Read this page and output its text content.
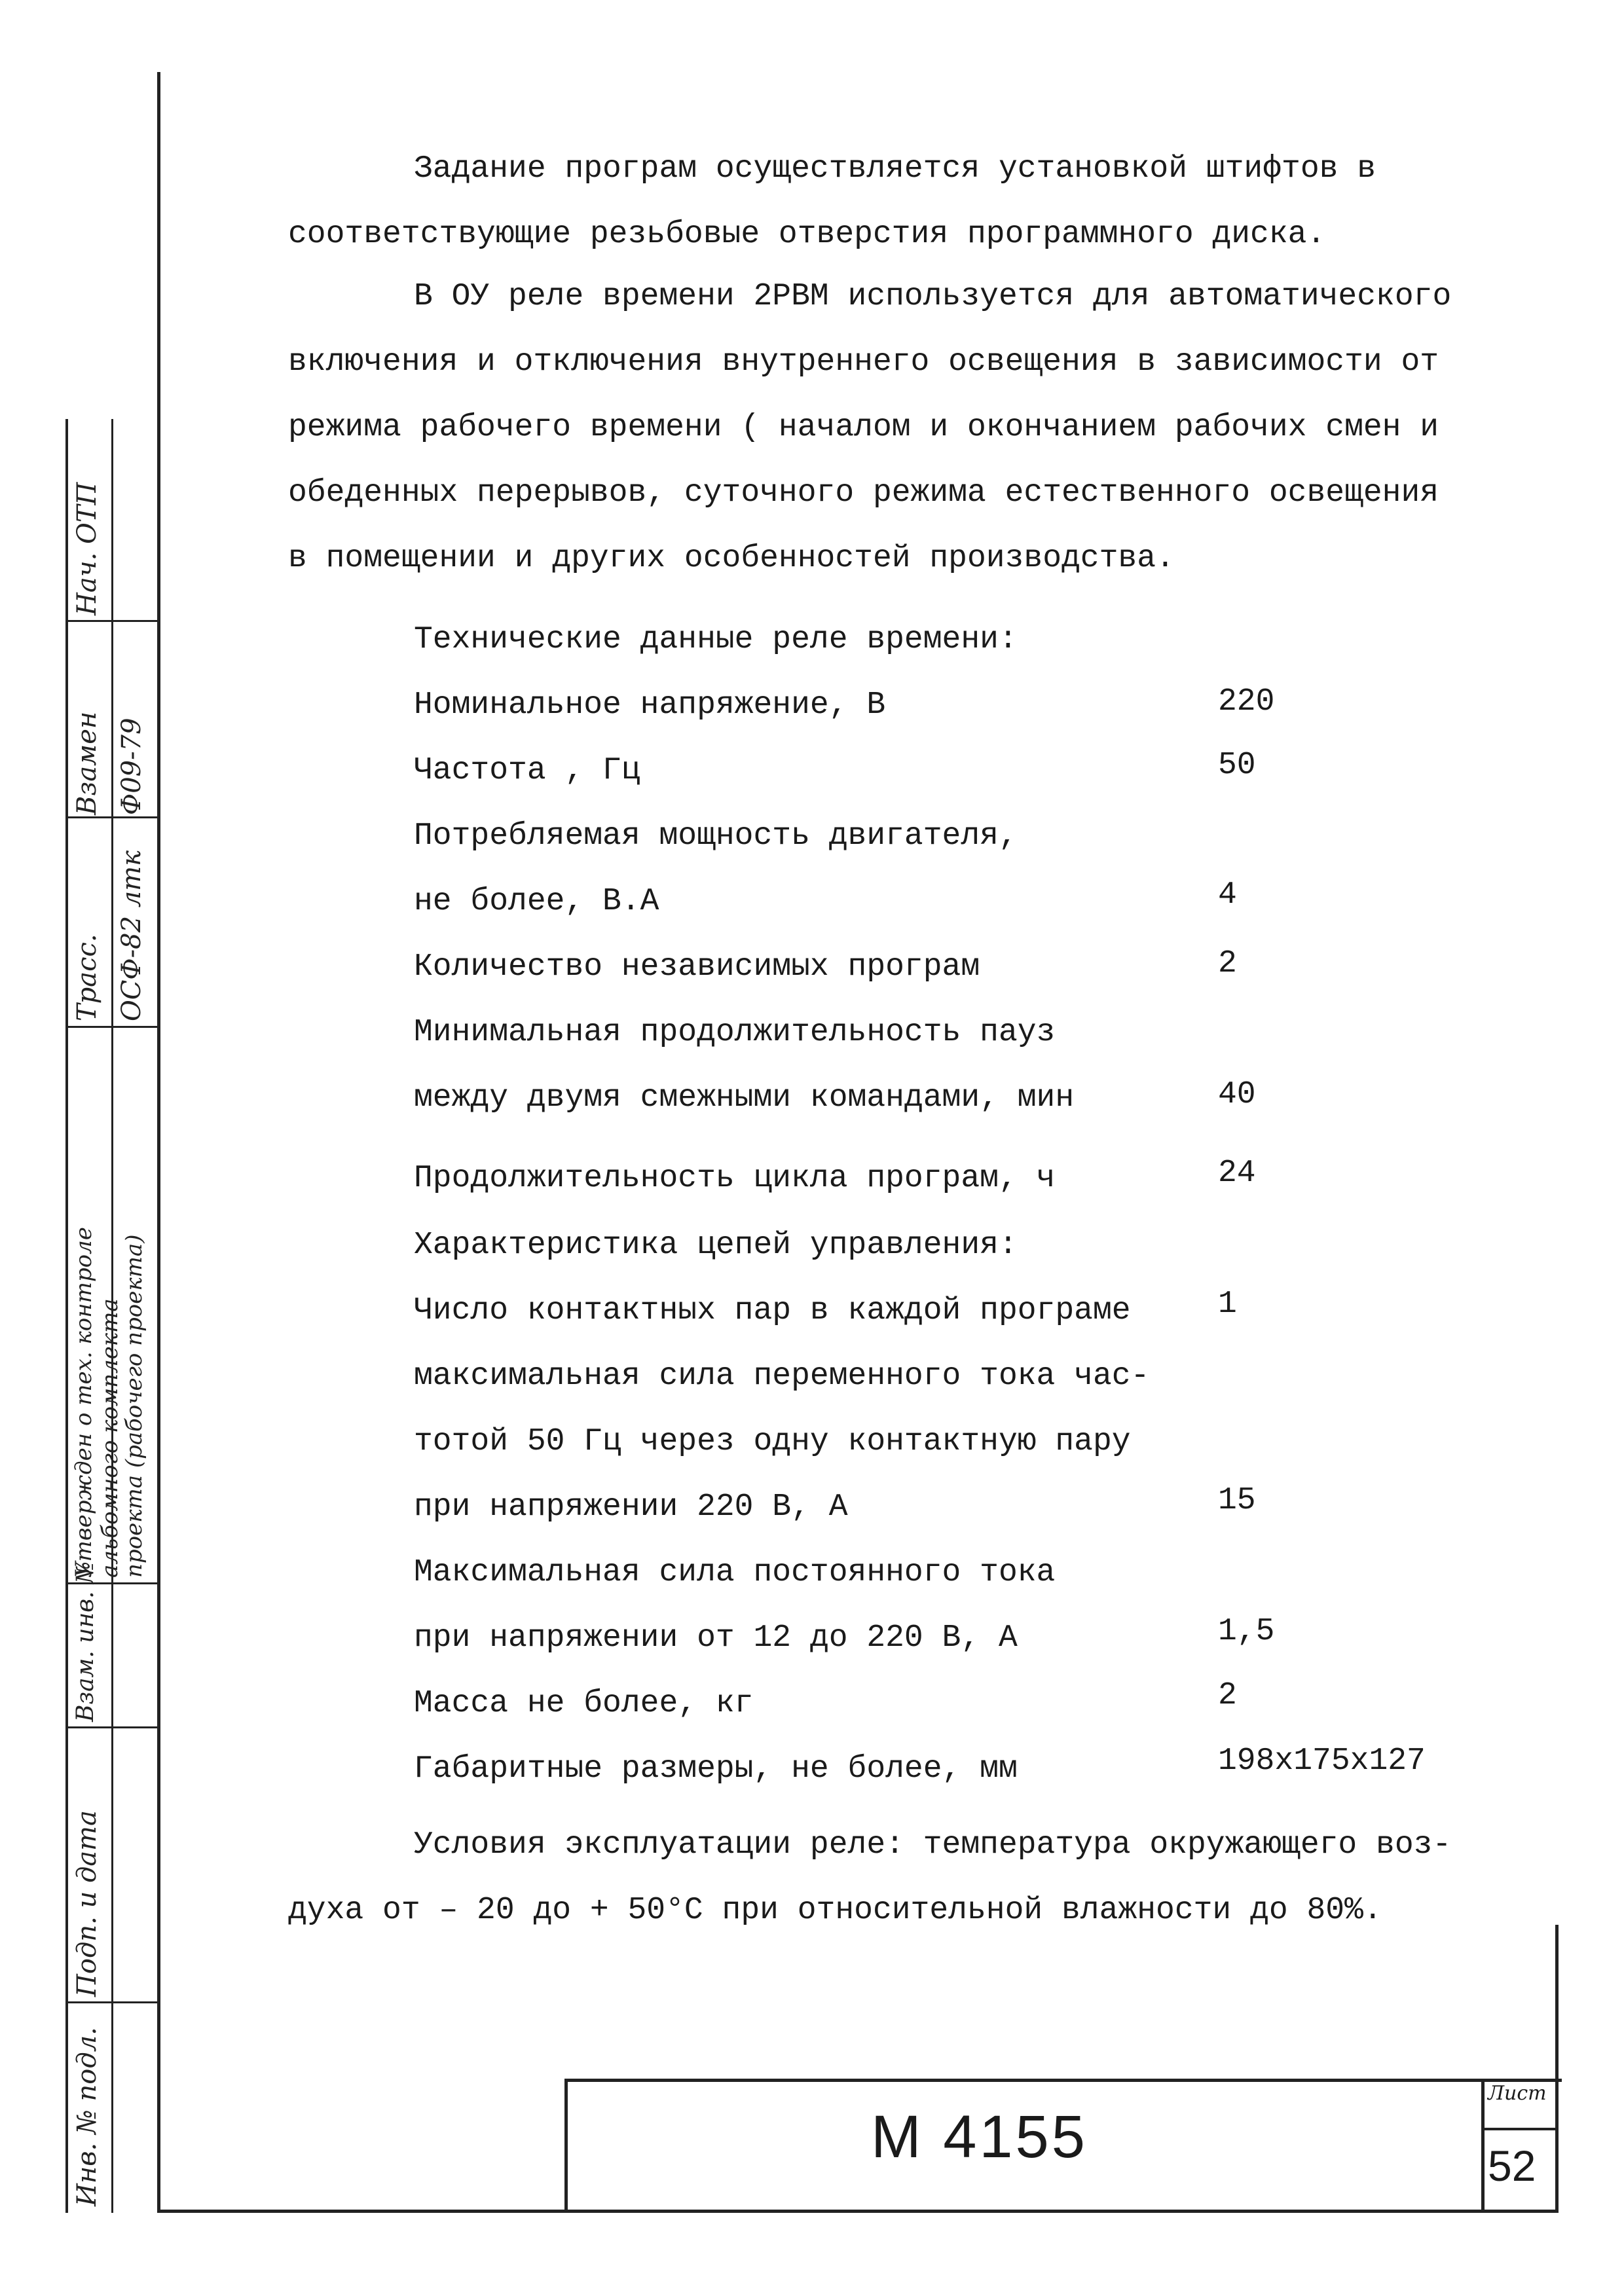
Нач. ОТП
Взамен Ф09-79
Трасс. ОСФ-82 лтк
Утвержден о тех. контроле альбомного комплекта
проекта (рабочего проекта)
Взам. инв. №
Подп. и дата
Инв. № подл.
Задание програм осуществляется установкой штифтов в
соответствующие резьбовые отверстия программного диска.
В ОУ реле времени 2РВМ используется для автоматического
включения и отключения внутреннего освещения в зависимости от
режима рабочего времени ( началом и окончанием рабочих смен и
обеденных перерывов, суточного режима естественного освещения
в помещении и других особенностей производства.
Технические данные реле времени:
Номинальное напряжение, В	220
Частота , Гц	50
Потребляемая мощность двигателя,
не более, В.А	4
Количество независимых програм	2
Минимальная продолжительность пауз
между двумя смежными командами, мин	40
Продолжительность цикла програм, ч	24
Характеристика цепей управления:
Число контактных пар в каждой програме	1
максимальная сила переменного тока час-
тотой 50 Гц через одну контактную пару
при напряжении 220 В, А	15
Максимальная сила постоянного тока
при напряжении от 12 до 220 В, А	1,5
Масса не более, кг	2
Габаритные размеры, не более, мм	198х175х127
Условия эксплуатации реле: температура окружающего воз-
духа от – 20 до + 50°С при относительной влажности до 80%.
М 4155
Лист
52
